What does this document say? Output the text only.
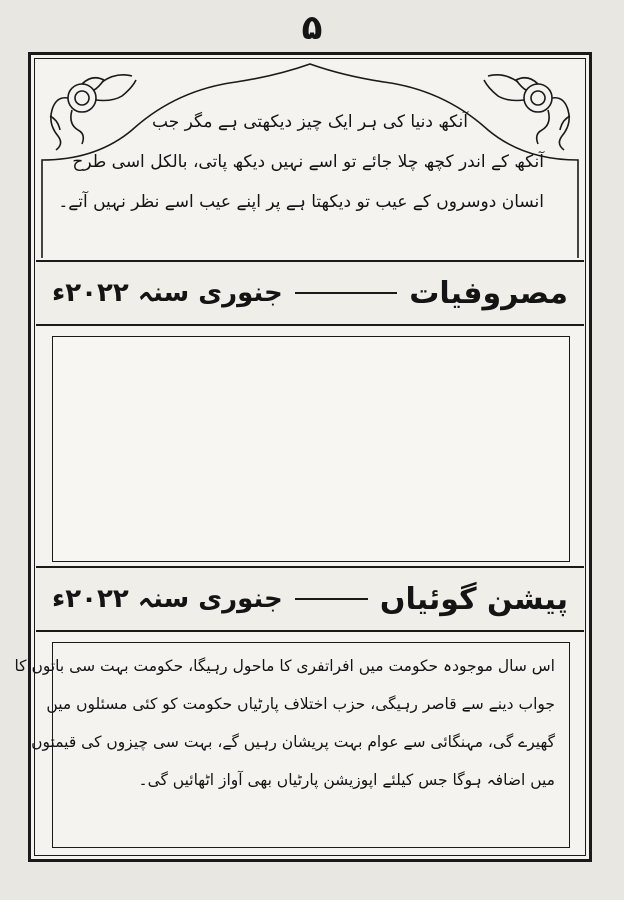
۵
آنکھ دنیا کی ہر ایک چیز دیکھتی ہے مگر جب
آنکھ کے اندر کچھ چلا جائے تو اسے نہیں دیکھ پاتی، بالکل اسی طرح
انسان دوسروں کے عیب تو دیکھتا ہے پر اپنے عیب اسے نظر نہیں آتے۔
مصروفیات
جنوری سنہ ۲۰۲۲ء
پیشن گوئیاں
جنوری سنہ ۲۰۲۲ء
اس سال موجودہ حکومت میں افراتفری کا ماحول رہیگا، حکومت بہت سی باتوں کا
جواب دینے سے قاصر رہیگی، حزب اختلاف پارٹیاں حکومت کو کئی مسئلوں میں
گھیرے گی، مہنگائی سے عوام بہت پریشان رہیں گے، بہت سی چیزوں کی قیمتوں
میں اضافہ ہوگا جس کیلئے اپوزیشن پارٹیاں بھی آواز اٹھائیں گی۔
